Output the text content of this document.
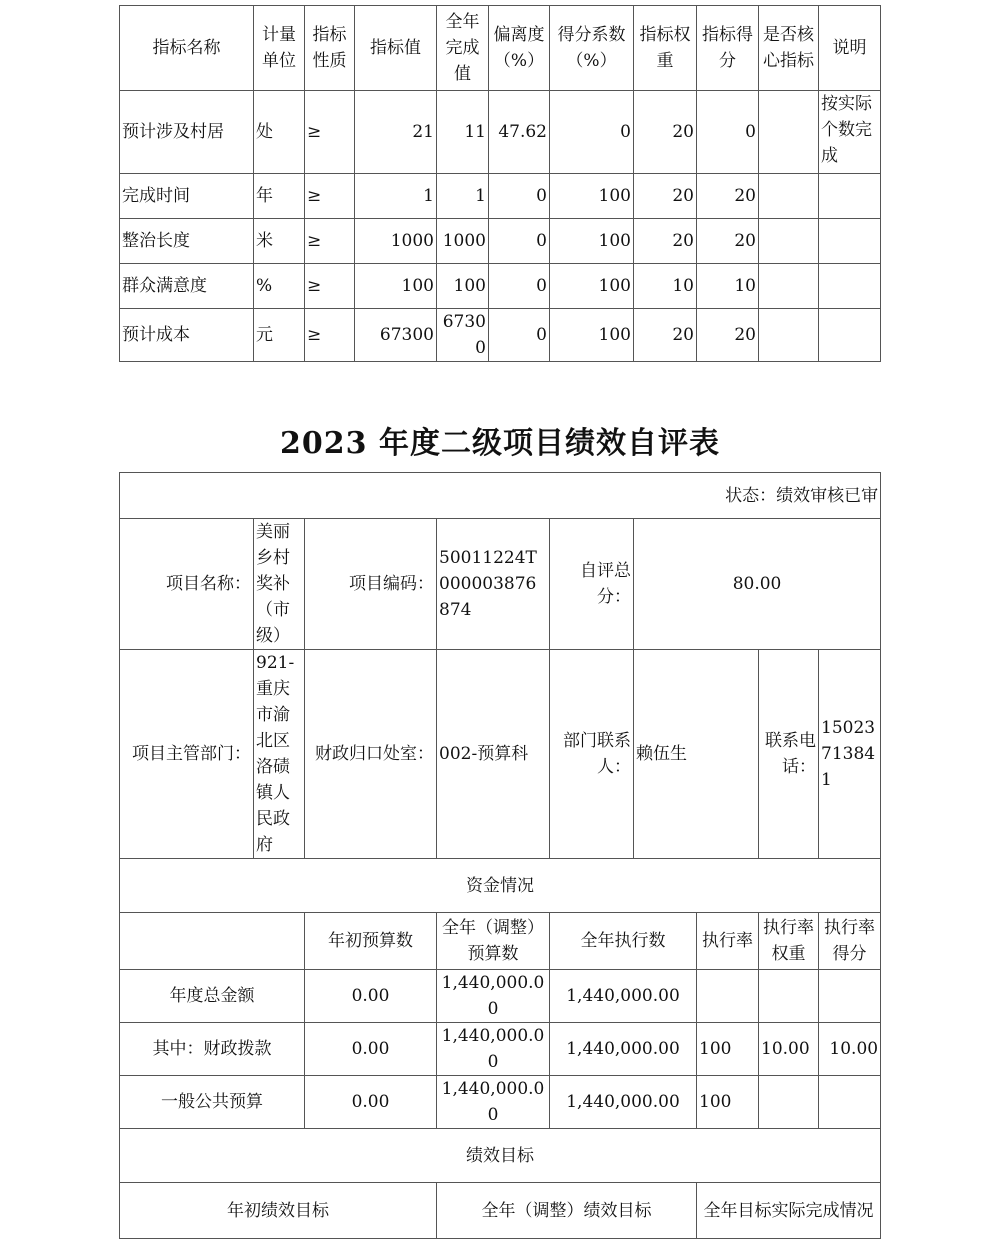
指标名称	计量单位	指标性质	指标值	全年完成值	偏离度（%）	得分系数（%）	指标权重	指标得分	是否核心指标	说明
预计涉及村居	处	≥	21	11	47.62	0	20	0		按实际个数完成
完成时间	年	≥	1	1	0	100	20	20		
整治长度	米	≥	1000	1000	0	100	20	20		
群众满意度	%	≥	100	100	0	100	10	10		
预计成本	元	≥	67300	67300	0	100	20	20		
2023 年度二级项目绩效自评表
状态：绩效审核已审								
项目名称：	美丽乡村奖补（市级）	项目编码：	500112​24T000003876874	自评总分：	80.00			
项目主管部门：	921-重庆市渝北区洛碛镇人民政府	财政归口处室：	002-预算科	部门联系人：	赖伍生		联系电话：	15023713841
资金情况								
		年初预算数	全年（调整）预算数	全年执行数		执行率	执行率权重	执行率得分
年度总金额		0.00	1,440,000.00	1,440,000.00				
其中：财政拨款		0.00	1,440,000.00	1,440,000.00		100	10.00	10.00
一般公共预算		0.00	1,440,000.00	1,440,000.00		100		
绩效目标								
年初绩效目标			全年（调整）绩效目标			全年目标实际完成情况		
